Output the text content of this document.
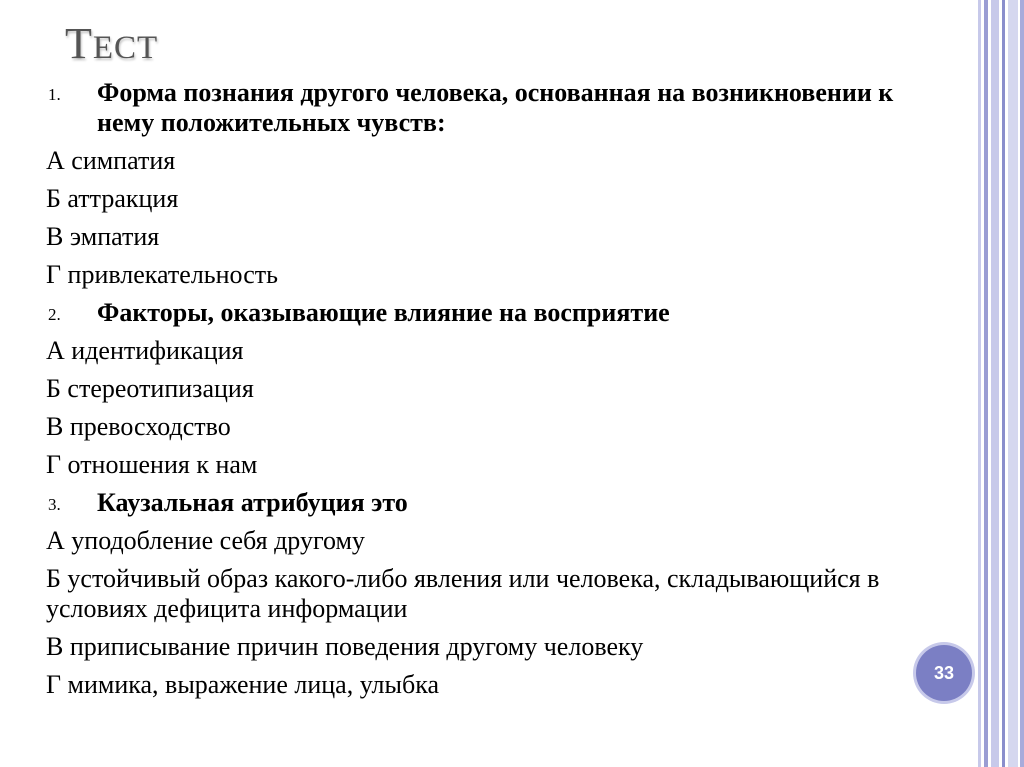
ТЕСТ
1. Форма познания другого человека, основанная на возникновении к нему положительных чувств:
А симпатия
Б аттракция
В эмпатия
Г привлекательность
2. Факторы, оказывающие влияние на восприятие
А идентификация
Б стереотипизация
В превосходство
Г отношения к нам
3. Каузальная атрибуция это
А уподобление себя другому
Б устойчивый образ какого-либо явления или человека, складывающийся в условиях дефицита информации
В приписывание причин поведения другому человеку
Г мимика, выражение лица, улыбка	33
